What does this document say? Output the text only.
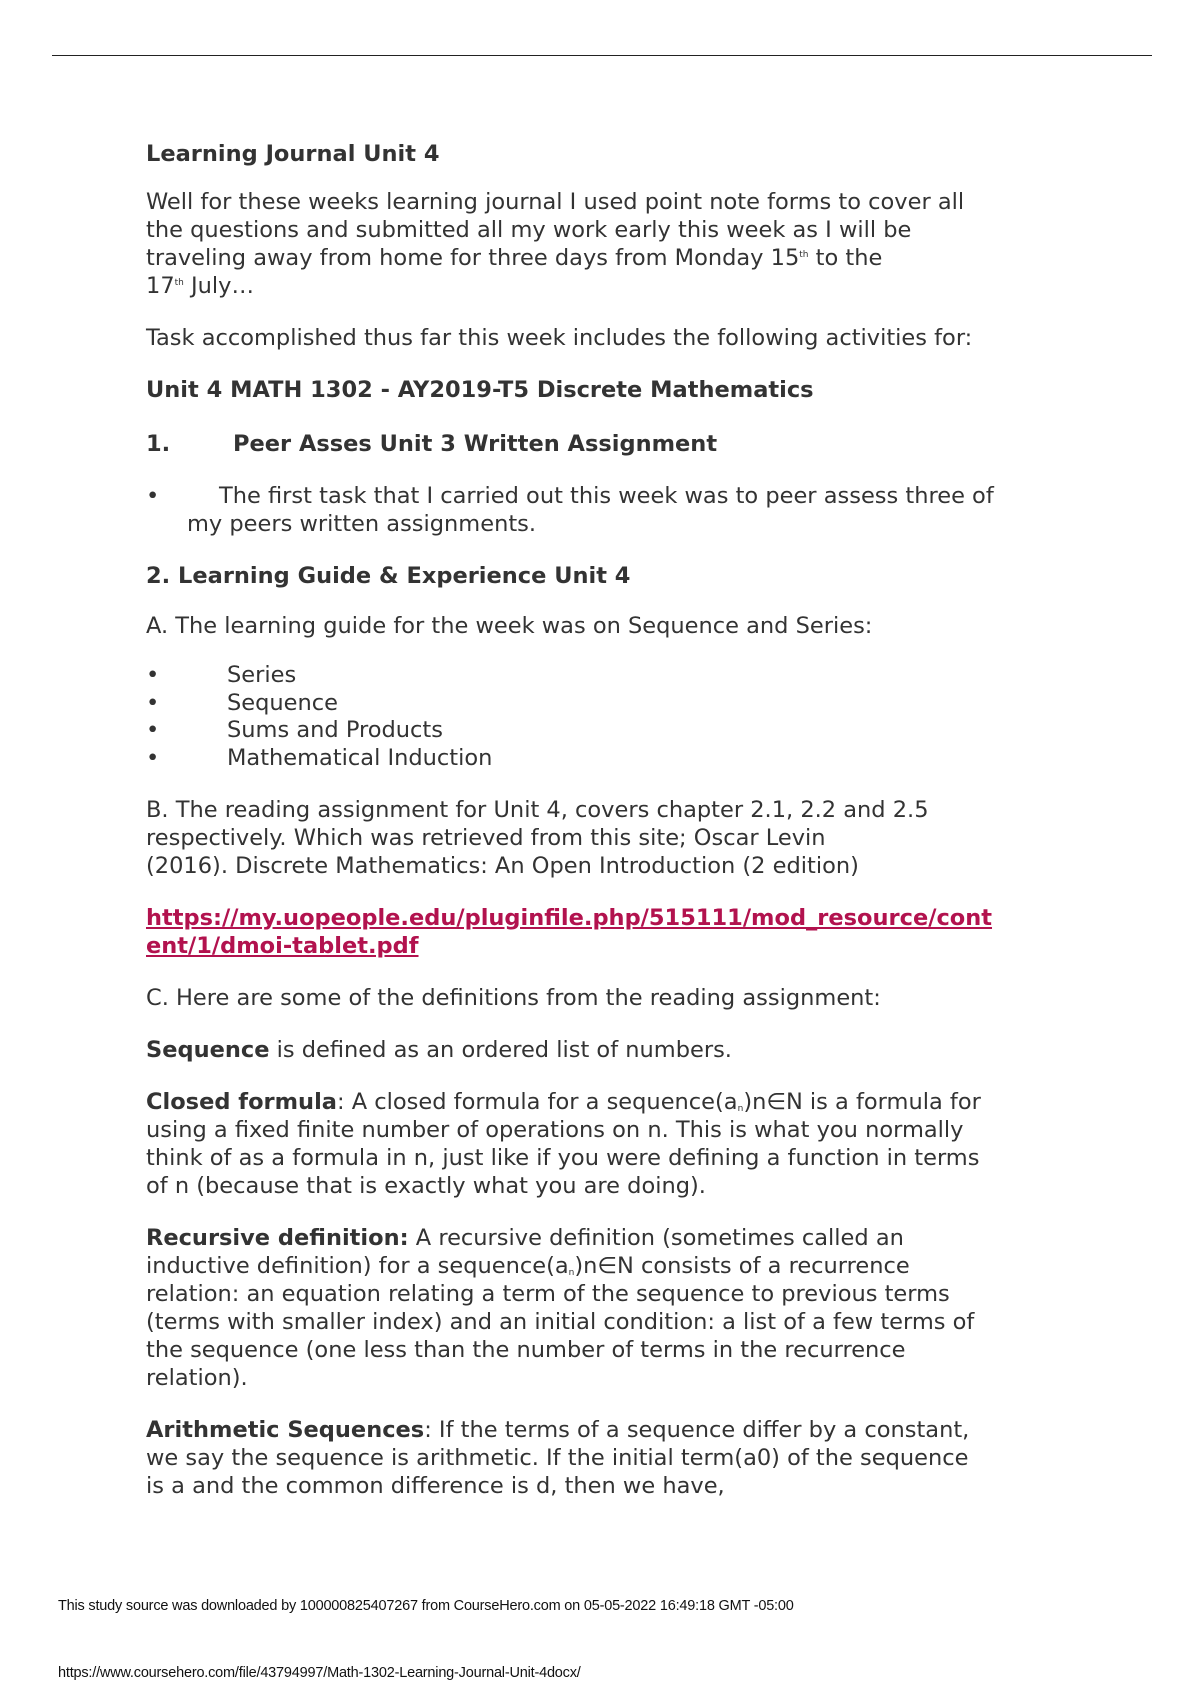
Learning Journal Unit 4

Well for these weeks learning journal I used point note forms to cover all
the questions and submitted all my work early this week as I will be
traveling away from home for three days from Monday 15th to the
17th July…

Task accomplished thus far this week includes the following activities for:

Unit 4 MATH 1302 - AY2019-T5 Discrete Mathematics

1.	Peer Asses Unit 3 Written Assignment

•	The first task that I carried out this week was to peer assess three of
my peers written assignments.

2. Learning Guide & Experience Unit 4

A. The learning guide for the week was on Sequence and Series:

•	Series
•	Sequence
•	Sums and Products
•	Mathematical Induction

B. The reading assignment for Unit 4, covers chapter 2.1, 2.2 and 2.5
respectively. Which was retrieved from this site; Oscar Levin
(2016). Discrete Mathematics: An Open Introduction (2 edition)

https://my.uopeople.edu/pluginfile.php/515111/mod_resource/cont
ent/1/dmoi-tablet.pdf

C. Here are some of the definitions from the reading assignment:

Sequence is defined as an ordered list of numbers.

Closed formula: A closed formula for a $sequence(a_n)n\in N$ is a formula for
using a fixed finite number of operations on n. This is what you normally
think of as a formula in n, just like if you were defining a function in terms
of n (because that is exactly what you are doing).

Recursive definition: A recursive definition (sometimes called an
inductive definition) for a $sequence(a_n)n\in N$ consists of a recurrence
relation: an equation relating a term of the sequence to previous terms
(terms with smaller index) and an initial condition: a list of a few terms of
the sequence (one less than the number of terms in the recurrence
relation).

Arithmetic Sequences: If the terms of a sequence differ by a constant,
we say the sequence is arithmetic. If the initial term(a0) of the sequence
is a and the common difference is d, then we have,

This study source was downloaded by 100000825407267 from CourseHero.com on 05-05-2022 16:49:18 GMT -05:00
https://www.coursehero.com/file/43794997/Math-1302-Learning-Journal-Unit-4docx/
